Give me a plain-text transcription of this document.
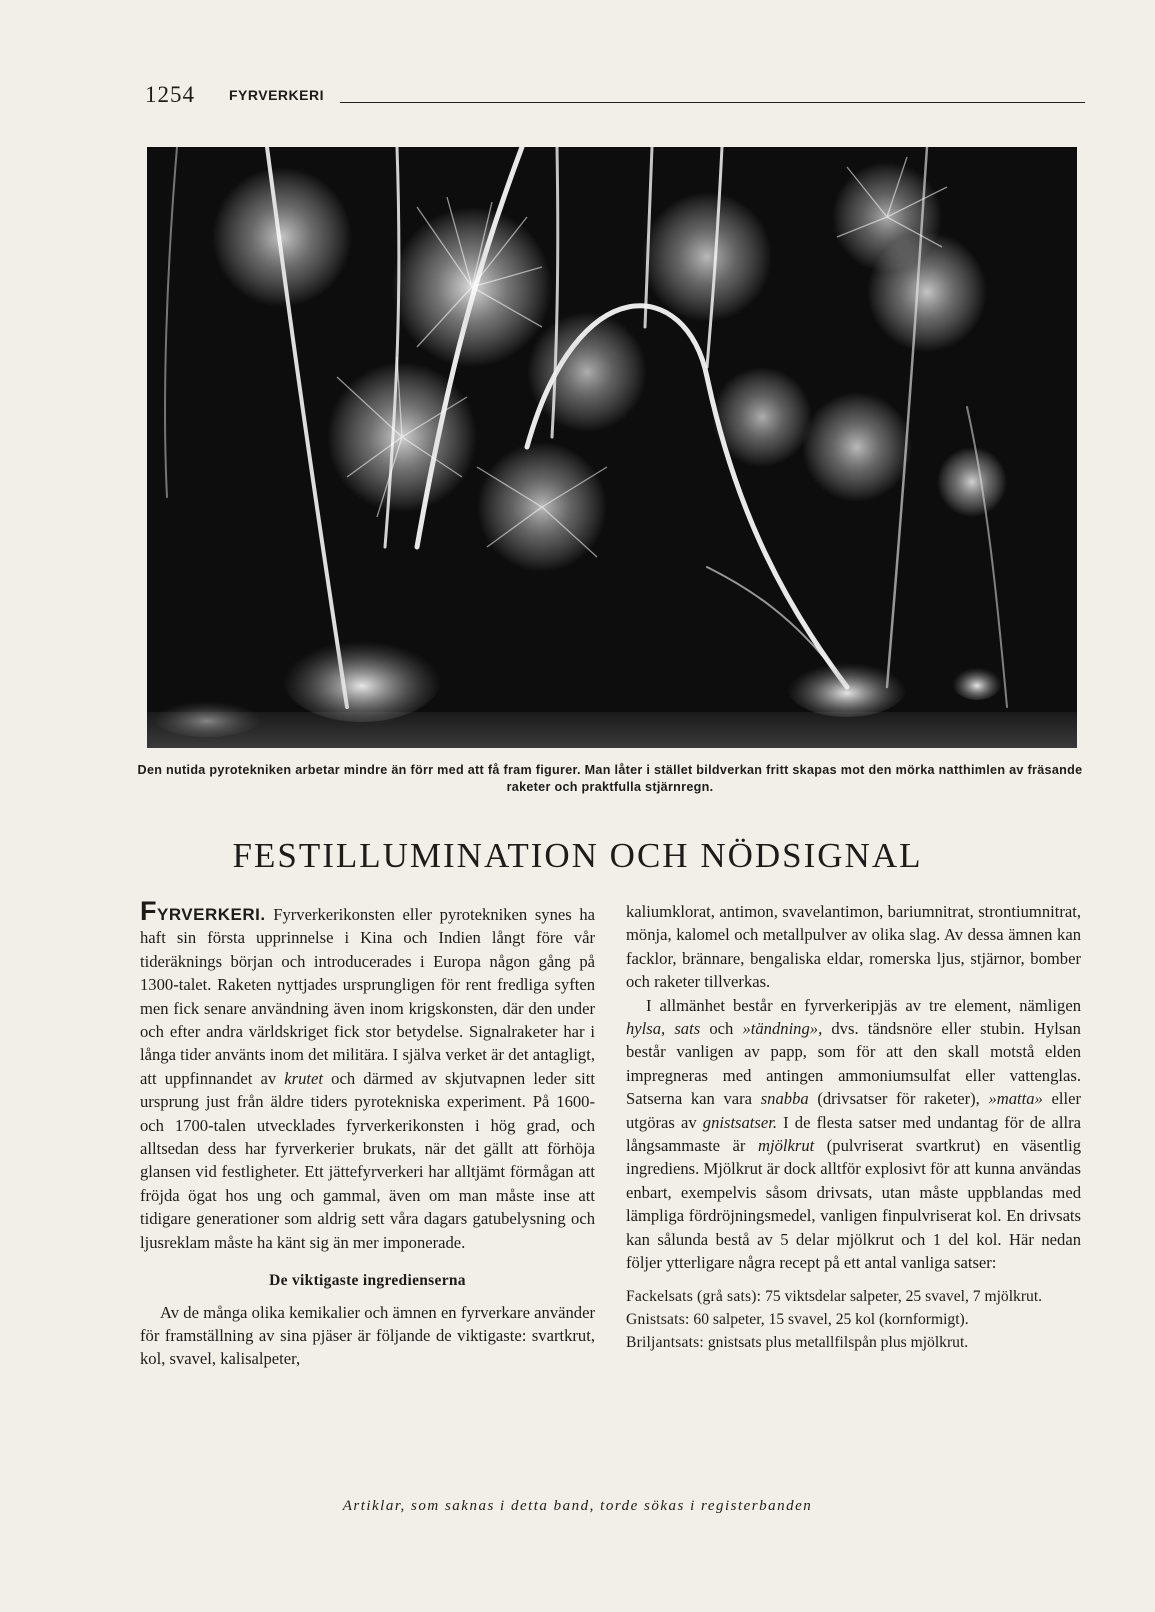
1254 FYRVERKERI
Den nutida pyrotekniken arbetar mindre än förr med att få fram figurer. Man låter i stället bildverkan fritt skapas mot den mörka natthimlen av fräsande raketer och praktfulla stjärnregn.
FESTILLUMINATION OCH NÖDSIGNAL

FYRVERKERI. Fyrverkerikonsten eller pyrotekniken synes ha haft sin första upprinnelse i Kina och Indien långt före vår tideräknings början och introducerades i Europa någon gång på 1300-talet. Raketen nyttjades ursprungligen för rent fredliga syften men fick senare användning även inom krigskonsten, där den under och efter andra världskriget fick stor betydelse. Signalraketer har i långa tider använts inom det militära. I själva verket är det antagligt, att uppfinnandet av krutet och därmed av skjutvapnen leder sitt ursprung just från äldre tiders pyrotekniska experiment. På 1600- och 1700-talen utvecklades fyrverkerikonsten i hög grad, och alltsedan dess har fyrverkerier brukats, när det gällt att förhöja glansen vid festligheter. Ett jättefyrverkeri har alltjämt förmågan att fröjda ögat hos ung och gammal, även om man måste inse att tidigare generationer som aldrig sett våra dagars gatubelysning och ljusreklam måste ha känt sig än mer imponerade.

De viktigaste ingredienserna

Av de många olika kemikalier och ämnen en fyrverkare använder för framställning av sina pjäser är följande de viktigaste: svartkrut, kol, svavel, kalisalpeter,

kaliumklorat, antimon, svavelantimon, bariumnitrat, strontiumnitrat, mönja, kalomel och metallpulver av olika slag. Av dessa ämnen kan facklor, brännare, bengaliska eldar, romerska ljus, stjärnor, bomber och raketer tillverkas.

I allmänhet består en fyrverkeripjäs av tre element, nämligen hylsa, sats och »tändning», dvs. tändsnöre eller stubin. Hylsan består vanligen av papp, som för att den skall motstå elden impregneras med antingen ammoniumsulfat eller vattenglas. Satserna kan vara snabba (drivsatser för raketer), »matta» eller utgöras av gnistsatser. I de flesta satser med undantag för de allra långsammaste är mjölkrut (pulvriserat svartkrut) en väsentlig ingrediens. Mjölkrut är dock alltför explosivt för att kunna användas enbart, exempelvis såsom drivsats, utan måste uppblandas med lämpliga fördröjningsmedel, vanligen finpulvriserat kol. En drivsats kan sålunda bestå av 5 delar mjölkrut och 1 del kol. Här nedan följer ytterligare några recept på ett antal vanliga satser:

Fackelsats (grå sats): 75 viktsdelar salpeter, 25 svavel, 7 mjölkrut.

Gnistsats: 60 salpeter, 15 svavel, 25 kol (kornformigt).

Briljantsats: gnistsats plus metallfilspån plus mjölkrut.

Artiklar, som saknas i detta band, torde sökas i registerbanden
